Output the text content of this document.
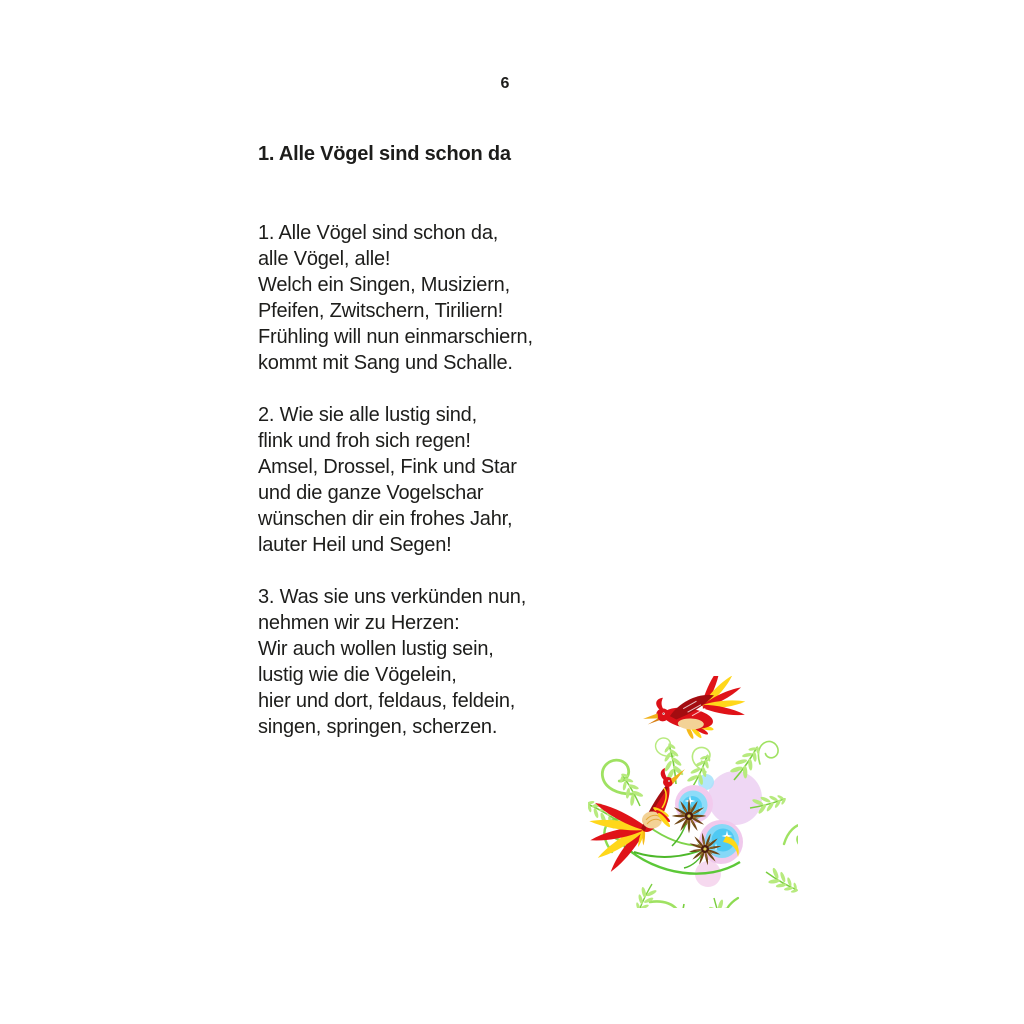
6
1. Alle Vögel sind schon da
1. Alle Vögel sind schon da,
alle Vögel, alle!
Welch ein Singen, Musiziern,
Pfeifen, Zwitschern, Tiriliern!
Frühling will nun einmarschiern,
kommt mit Sang und Schalle.
2. Wie sie alle lustig sind,
flink und froh sich regen!
Amsel, Drossel, Fink und Star
und die ganze Vogelschar
wünschen dir ein frohes Jahr,
lauter Heil und Segen!
3. Was sie uns verkünden nun,
nehmen wir zu Herzen:
Wir auch wollen lustig sein,
lustig wie die Vögelein,
hier und dort, feldaus, feldein,
singen, springen, scherzen.
